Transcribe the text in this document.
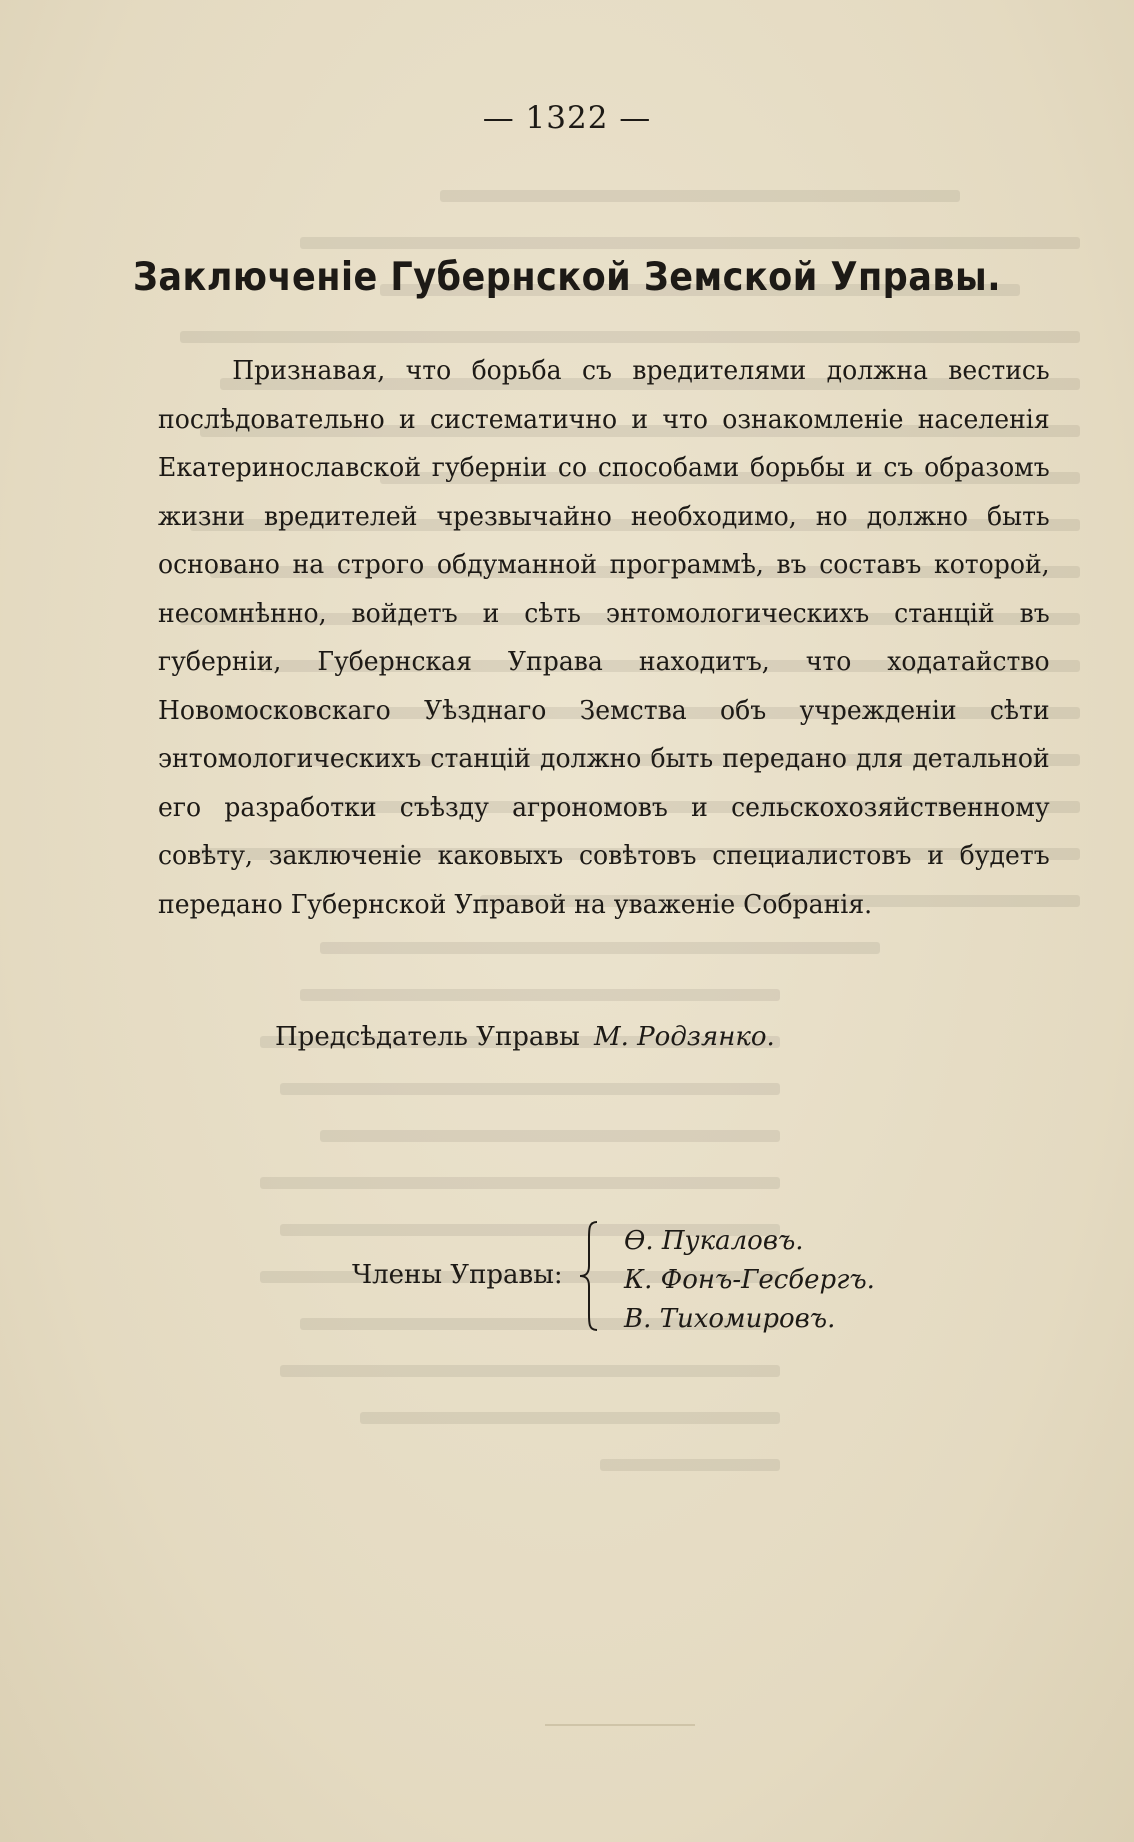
— 1322 —
Заключеніе Губернской Земской Управы.

Признавая, что борьба съ вредителями должна вестись послѣдовательно и систематично и что ознакомленіе населенія Екатеринославской губерніи со способами борьбы и съ образомъ жизни вредителей чрезвычайно необходимо, но должно быть основано на строго обдуманной программѣ, въ составъ которой, несомнѣнно, войдетъ и сѣть энтомологическихъ станцій въ губерніи, Губернская Управа находитъ, что ходатайство Новомосковскаго Уѣзднаго Земства объ учрежденіи сѣти энтомологическихъ станцій должно быть передано для детальной его разработки съѣзду агрономовъ и сельскохозяйственному совѣту, заключеніе каковыхъ совѣтовъ специалистовъ и будетъ передано Губернской Управой на уваженіе Собранія.

Предсѣдатель Управы М. Родзянко.
Члены Управы:
Ѳ. Пукаловъ.
К. Фонъ-Гесбергъ.
В. Тихомировъ.
